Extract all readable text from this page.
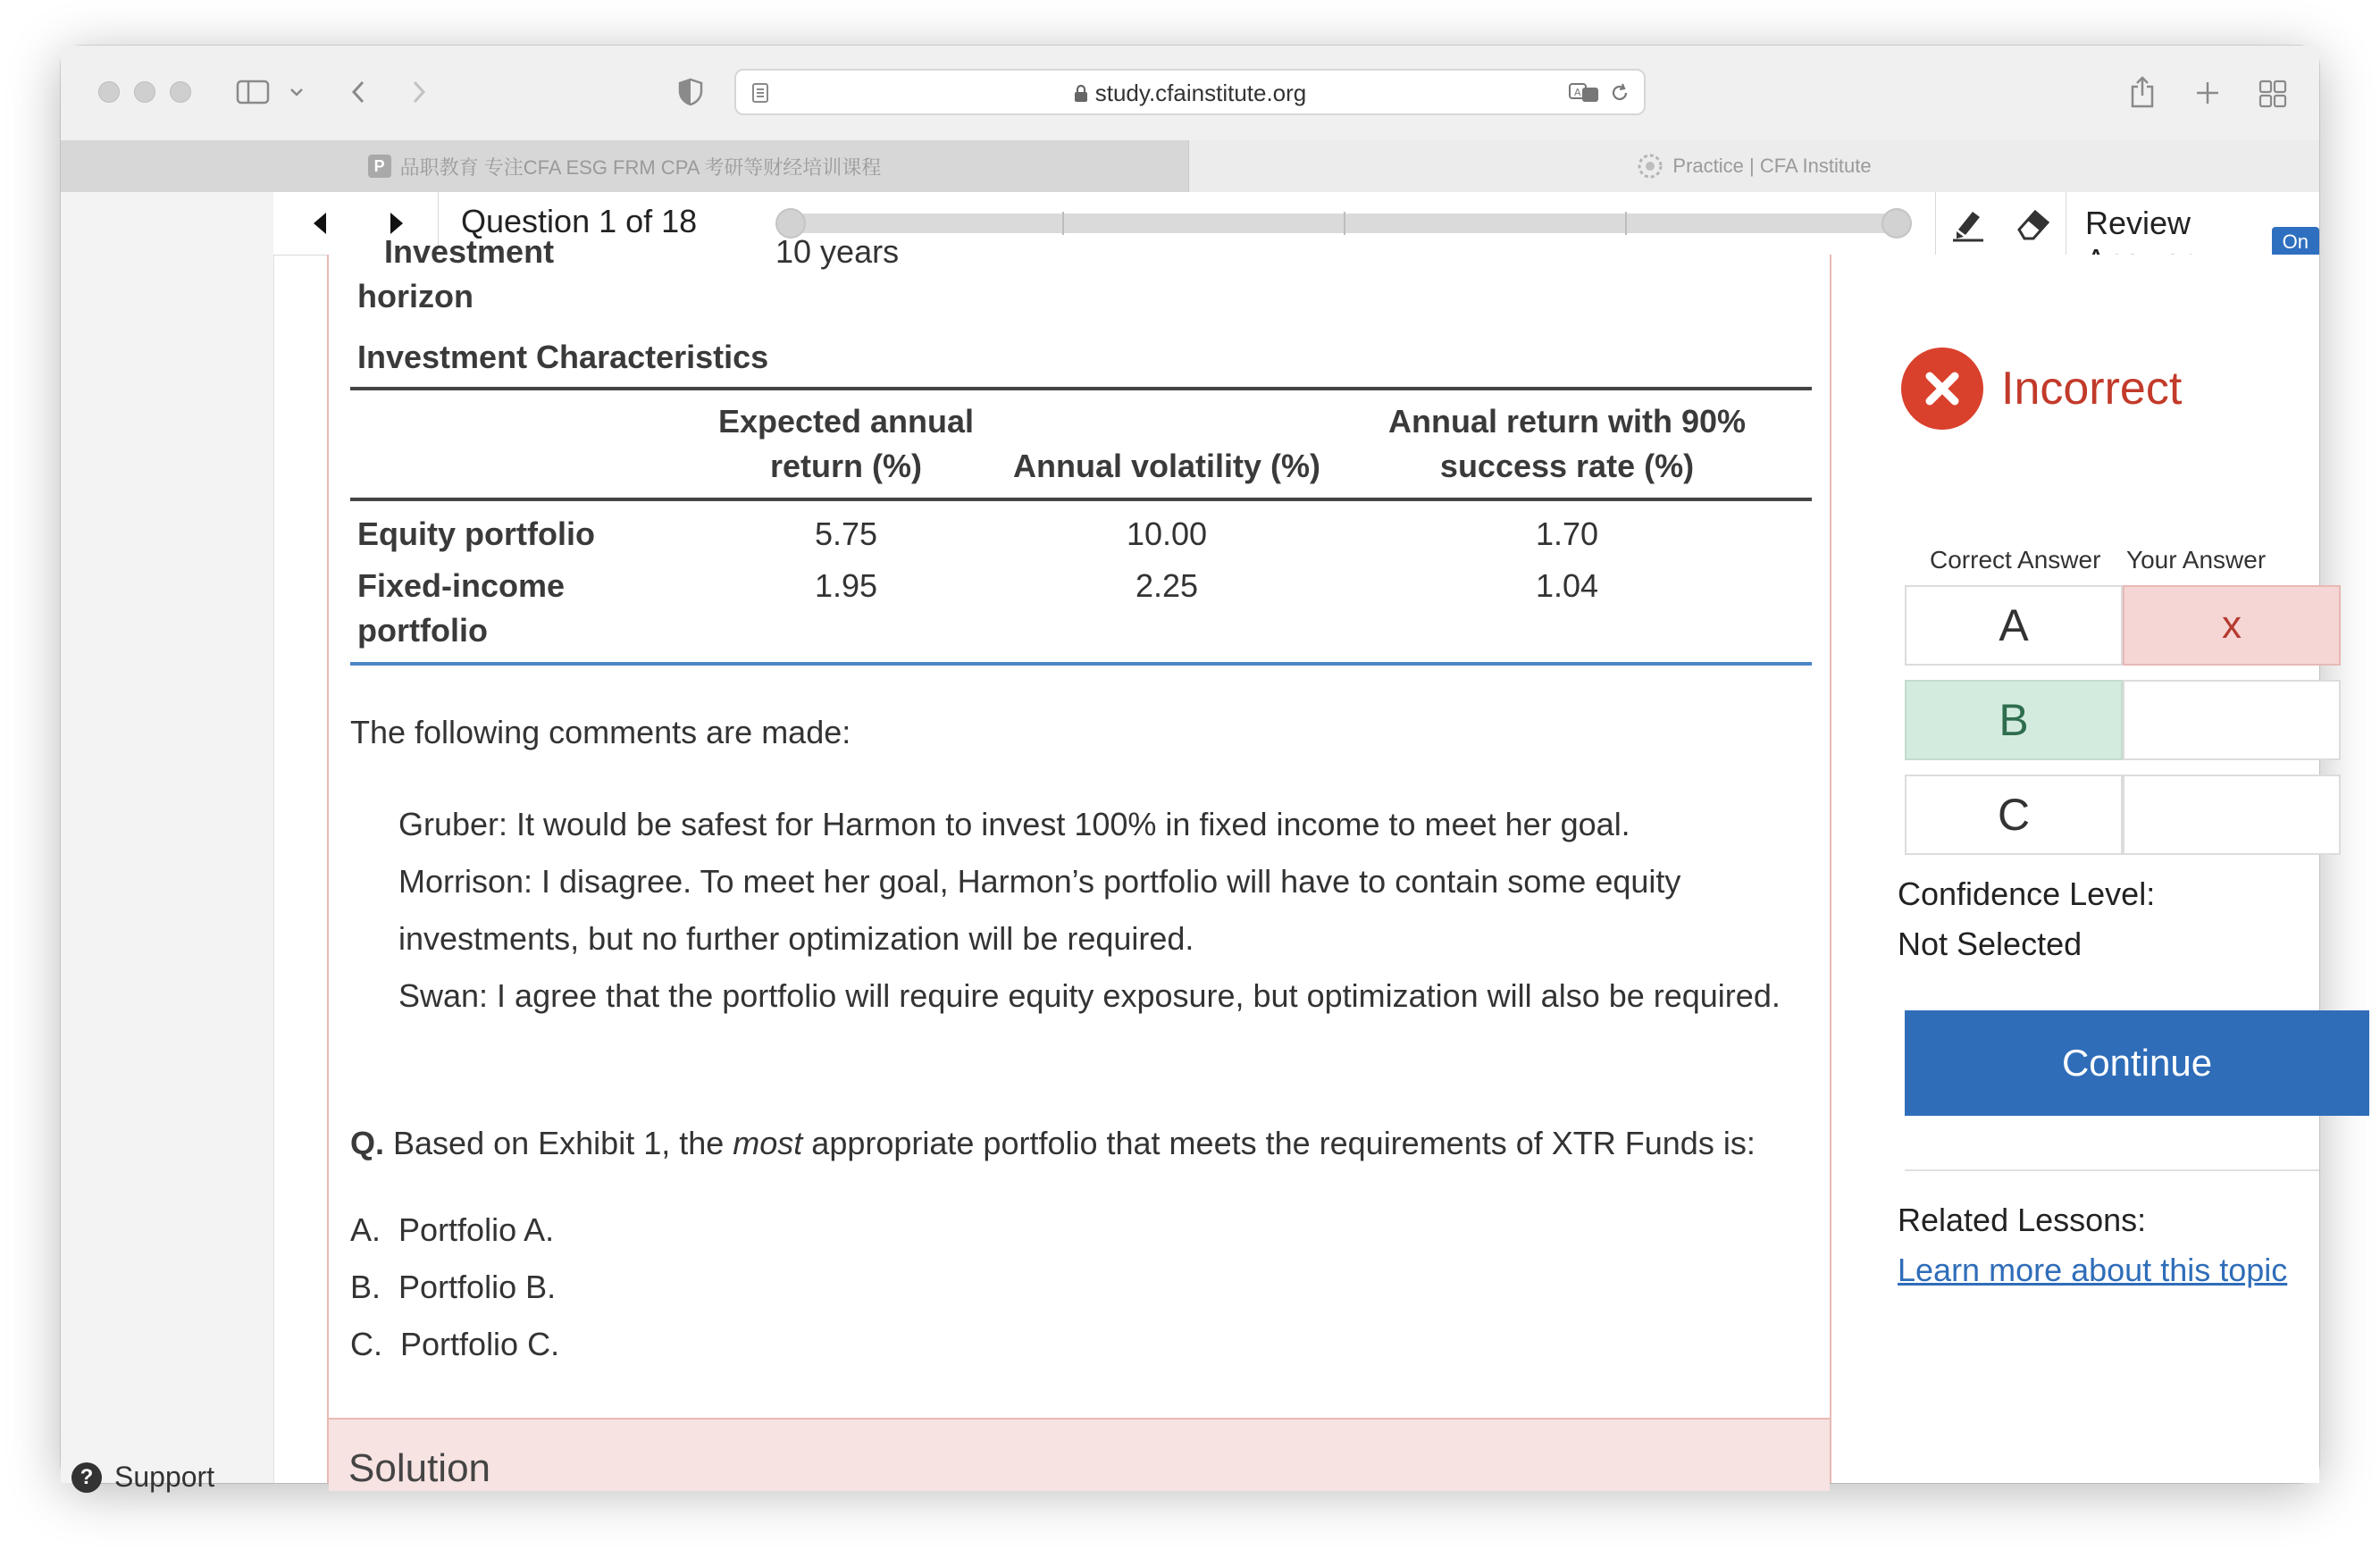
study.cfainstitute.org	A
P 品职教育 专注CFA ESG FRM CPA 考研等财经培训课程	Practice | CFA Institute
? Support
Question 1 of 18	Review
On
Investment
horizon
10 years
Investment Characteristics
	Expected annual return (%)	Annual volatility (%)	Annual return with 90% success rate (%)
Equity portfolio	5.75	10.00	1.70

Fixed-income portfolio	1.95	2.25	1.04
The following comments are made:
Gruber: It would be safest for Harmon to invest 100% in fixed income to meet her goal.
Morrison: I disagree. To meet her goal, Harmon’s portfolio will have to contain some equity investments, but no further optimization will be required.
Swan: I agree that the portfolio will require equity exposure, but optimization will also be required.
Q. Based on Exhibit 1, the most appropriate portfolio that meets the requirements of XTR Funds is:
A. Portfolio A.
B. Portfolio B.
C. Portfolio C.
Solution
Incorrect
Correct Answer Your Answer
A	x
B
C
Confidence Level:
Not Selected
Continue
Related Lessons:
Learn more about this topic
